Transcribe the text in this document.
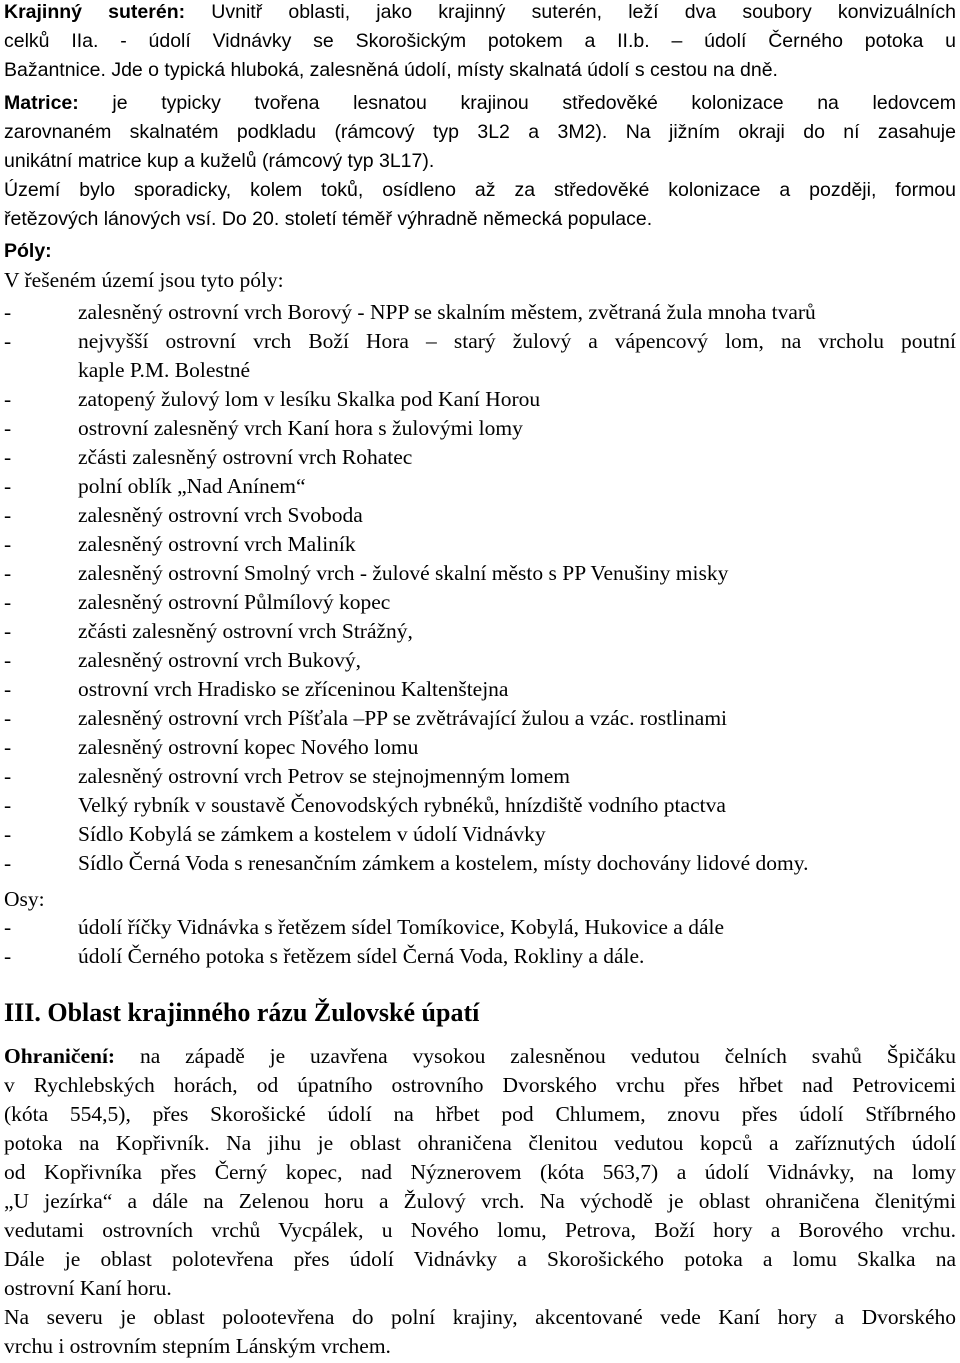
Krajinný suterén: Uvnitř oblasti, jako krajinný suterén, leží dva soubory konvizuálních
celků IIa. - údolí Vidnávky se Skorošickým potokem a II.b. – údolí Černého potoka u
Bažantnice. Jde o typická hluboká, zalesněná údolí, místy skalnatá údolí s cestou na dně.
Matrice: je typicky tvořena lesnatou krajinou středověké kolonizace na ledovcem
zarovnaném skalnatém podkladu (rámcový typ 3L2 a 3M2). Na jižním okraji do ní zasahuje
unikátní matrice kup a kuželů (rámcový typ 3L17).
Území bylo sporadicky, kolem toků, osídleno až za středověké kolonizace a později, formou
řetězových lánových vsí. Do 20. století téměř výhradně německá populace.
Póly:
V řešeném území jsou tyto póly:
-	zalesněný ostrovní vrch Borový - NPP se skalním městem, zvětraná žula mnoha tvarů
-	nejvyšší ostrovní vrch Boží Hora – starý žulový a vápencový lom, na vrcholu poutní
kaple P.M. Bolestné
-	zatopený žulový lom v lesíku Skalka pod Kaní Horou
-	ostrovní zalesněný vrch Kaní hora s žulovými lomy
-	zčásti zalesněný ostrovní vrch Rohatec
-	polní oblík „Nad Anínem“
-	zalesněný ostrovní vrch Svoboda
-	zalesněný ostrovní vrch Maliník
-	zalesněný ostrovní Smolný vrch - žulové skalní město s PP Venušiny misky
-	zalesněný ostrovní Půlmílový kopec
-	zčásti zalesněný ostrovní vrch Strážný,
-	zalesněný ostrovní vrch Bukový,
-	ostrovní vrch Hradisko se zříceninou Kaltenštejna
-	zalesněný ostrovní vrch Píšťala –PP se zvětrávající žulou a vzác. rostlinami
-	zalesněný ostrovní kopec Nového lomu
-	zalesněný ostrovní vrch Petrov se stejnojmenným lomem
-	Velký rybník v soustavě Čenovodských rybnéků, hnízdiště vodního ptactva
-	Sídlo Kobylá se zámkem a kostelem v údolí Vidnávky
-	Sídlo Černá Voda s renesančním zámkem a kostelem, místy dochovány lidové domy.
Osy:
-	údolí říčky Vidnávka s řetězem sídel Tomíkovice, Kobylá, Hukovice a dále
-	údolí Černého potoka s řetězem sídel Černá Voda, Rokliny a dále.
III. Oblast krajinného rázu Žulovské úpatí
Ohraničení: na západě je uzavřena vysokou zalesněnou vedutou čelních svahů Špičáku
v Rychlebských horách, od úpatního ostrovního Dvorského vrchu přes hřbet nad Petrovicemi
(kóta 554,5), přes Skorošické údolí na hřbet pod Chlumem, znovu přes údolí Stříbrného
potoka na Kopřivník. Na jihu je oblast ohraničena členitou vedutou kopců a zaříznutých údolí
od Kopřivníka přes Černý kopec, nad Nýznerovem (kóta 563,7) a údolí Vidnávky, na lomy
„U jezírka“ a dále na Zelenou horu a Žulový vrch. Na východě je oblast ohraničena členitými
vedutami ostrovních vrchů Vycpálek, u Nového lomu, Petrova, Boží hory a Borového vrchu.
Dále je oblast polotevřena přes údolí Vidnávky a Skorošického potoka a lomu Skalka na
ostrovní Kaní horu.
Na severu je oblast polootevřena do polní krajiny, akcentované vede Kaní hory a Dvorského
vrchu i ostrovním stepním Lánským vrchem.
